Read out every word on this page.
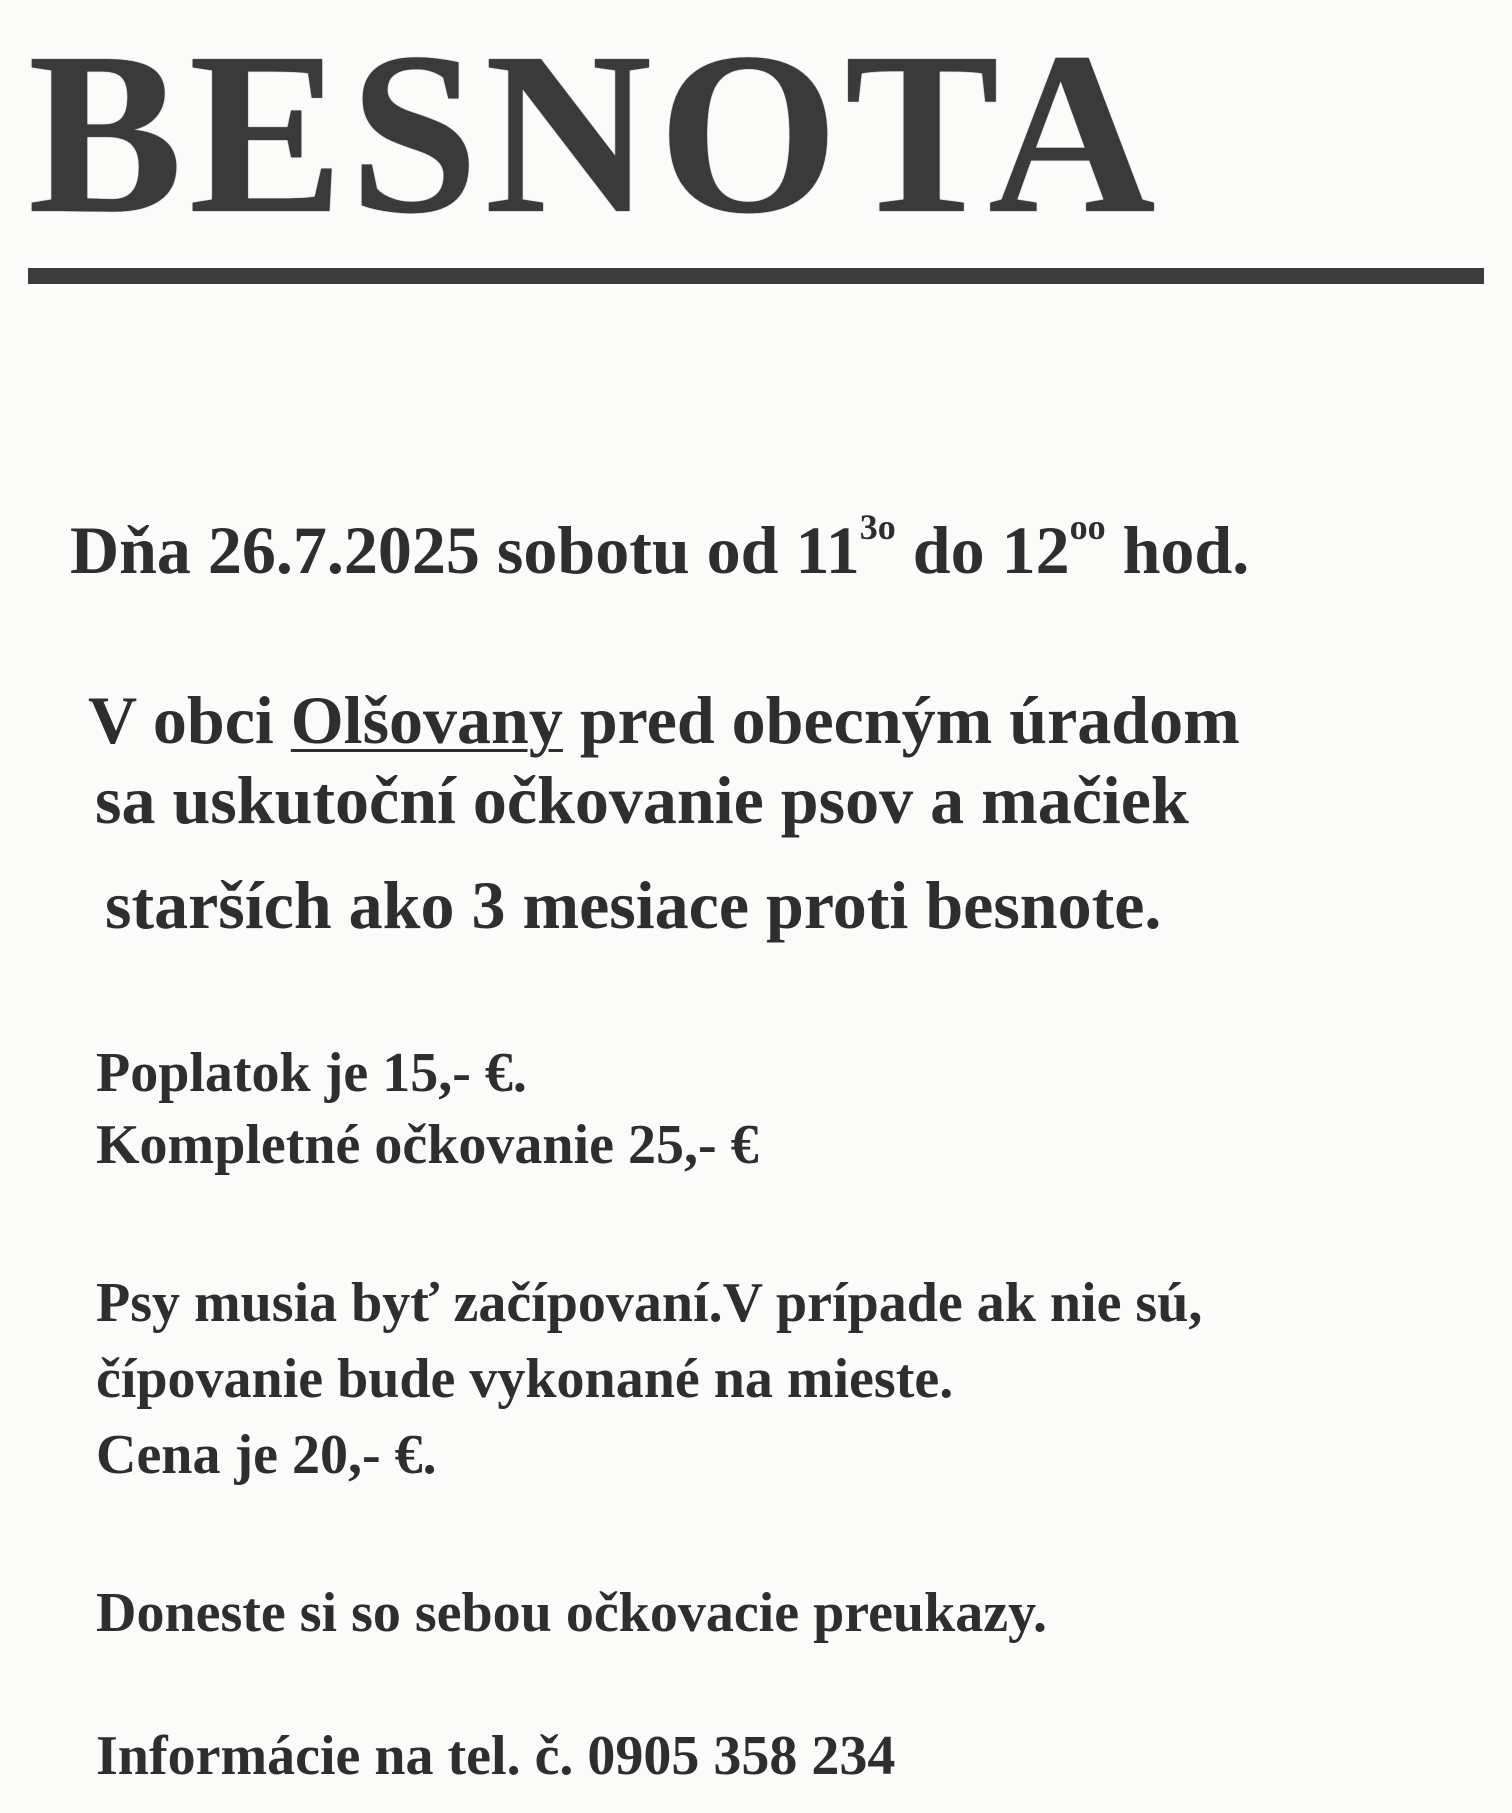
BESNOTA
Dňa 26.7.2025 sobotu od $11^{3o}$ do $12^{oo}$ hod.
V obci Olšovany pred obecným úradom
sa uskutoční očkovanie psov a mačiek
starších ako 3 mesiace proti besnote.
Poplatok je 15,- €.
Kompletné očkovanie 25,- €
Psy musia byť začípovaní.V prípade ak nie sú,
čípovanie bude vykonané na mieste.
Cena je 20,- €.
Doneste si so sebou očkovacie preukazy.
Informácie na tel. č. 0905 358 234
